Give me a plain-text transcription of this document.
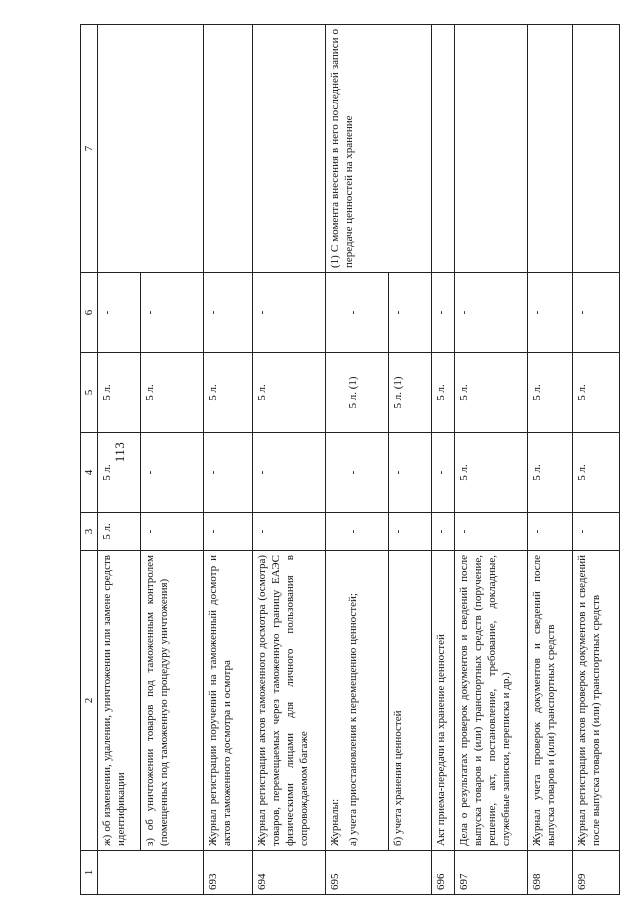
113
1	2	3	4	5	6	7
	ж) об изменении, удалении, уничтожении или замене средств идентификации	5 л.	5 л.	5 л.	-	
	з) об уничтожении товаров под таможенным контролем (помещенных под таможенную процедуру уничтожения)	-	-	5 л.	-	
693	Журнал регистрации поручений на таможенный досмотр и актов таможенного досмотра и осмотра	-	-	5 л.	-	
694	Журнал регистрации актов таможенного досмотра (осмотра) товаров, перемещаемых через таможенную границу ЕАЭС физическими лицами для личного пользования в сопровождаемом багаже	-	-	5 л.	-	
695	Журналы:					(1) С момента внесения в него последней записи о передаче ценностей на хранение
	а) учета приостановления к перемещению ценностей;	-	-	5 л. (1)	-	
	б) учета хранения ценностей	-	-	5 л. (1)	-	
696	Акт приема-передачи на хранение ценностей	-	-	5 л.	-	
697	Дела о результатах проверок документов и сведений после выпуска товаров и (или) транспортных средств (поручение, решение, акт, постановление, требование, докладные, служебные записки, переписка и др.)	-	5 л.	5 л.	-	
698	Журнал учета проверок документов и сведений после выпуска товаров и (или) транспортных средств	-	5 л.	5 л.	-	
699	Журнал регистрации актов проверок документов и сведений после выпуска товаров и (или) транспортных средств	-	5 л.	5 л.	-	
